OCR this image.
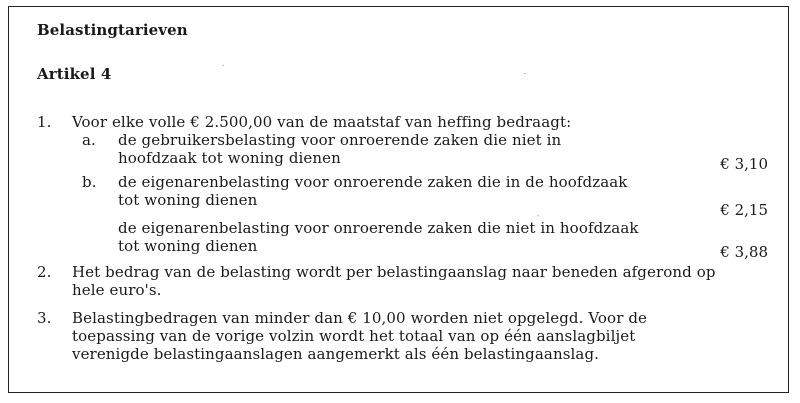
Belastingtarieven
Artikel 4
1. Voor elke volle € 2.500,00 van de maatstaf van heffing bedraagt:
a. de gebruikersbelasting voor onroerende zaken die niet in
hoofdzaak tot woning dienen	€ 3,10
b. de eigenarenbelasting voor onroerende zaken die in de hoofdzaak
tot woning dienen
€ 2,15
de eigenarenbelasting voor onroerende zaken die niet in hoofdzaak
tot woning dienen	€ 3,88
2. Het bedrag van de belasting wordt per belastingaanslag naar beneden afgerond op
hele euro's.
3. Belastingbedragen van minder dan € 10,00 worden niet opgelegd. Voor de
toepassing van de vorige volzin wordt het totaal van op één aanslagbiljet
verenigde belastingaanslagen aangemerkt als één belastingaanslag.
